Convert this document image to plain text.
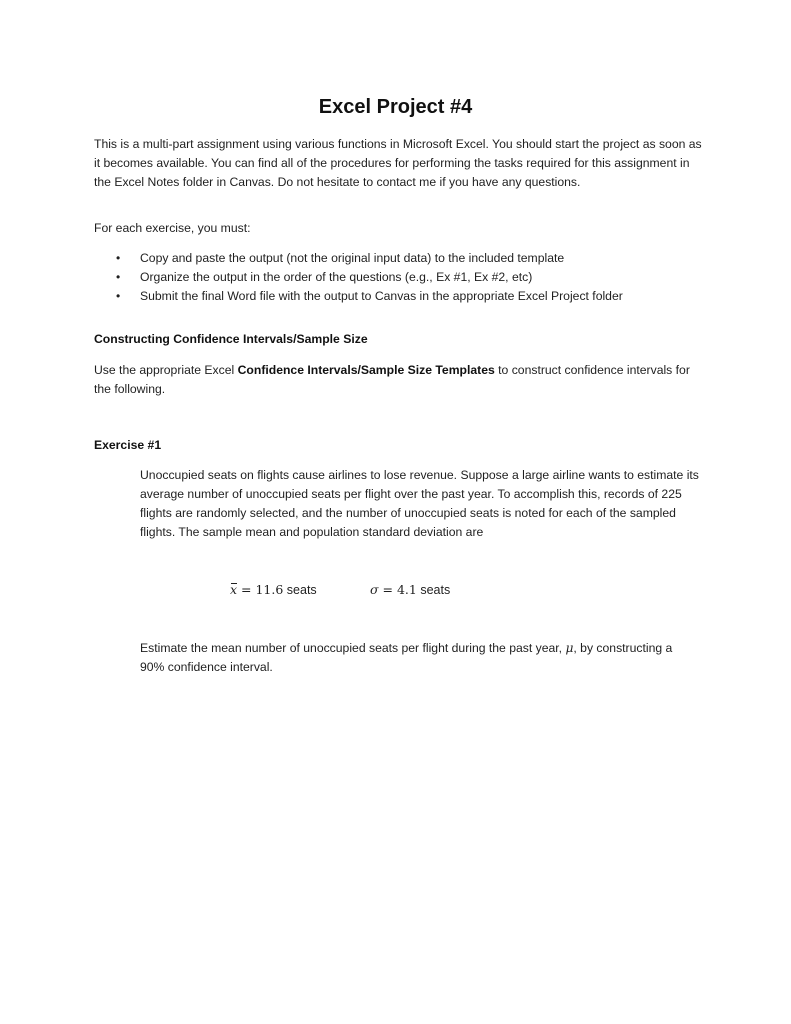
Excel Project #4
This is a multi-part assignment using various functions in Microsoft Excel. You should start the project as soon as it becomes available. You can find all of the procedures for performing the tasks required for this assignment in the Excel Notes folder in Canvas. Do not hesitate to contact me if you have any questions.
For each exercise, you must:
• Copy and paste the output (not the original input data) to the included template
• Organize the output in the order of the questions (e.g., Ex #1, Ex #2, etc)
• Submit the final Word file with the output to Canvas in the appropriate Excel Project folder
Constructing Confidence Intervals/Sample Size
Use the appropriate Excel Confidence Intervals/Sample Size Templates to construct confidence intervals for the following.
Exercise #1
Unoccupied seats on flights cause airlines to lose revenue. Suppose a large airline wants to estimate its average number of unoccupied seats per flight over the past year. To accomplish this, records of 225 flights are randomly selected, and the number of unoccupied seats is noted for each of the sampled flights. The sample mean and population standard deviation are
x = 11.6 seats	σ = 4.1 seats
Estimate the mean number of unoccupied seats per flight during the past year, μ, by constructing a 90% confidence interval.
